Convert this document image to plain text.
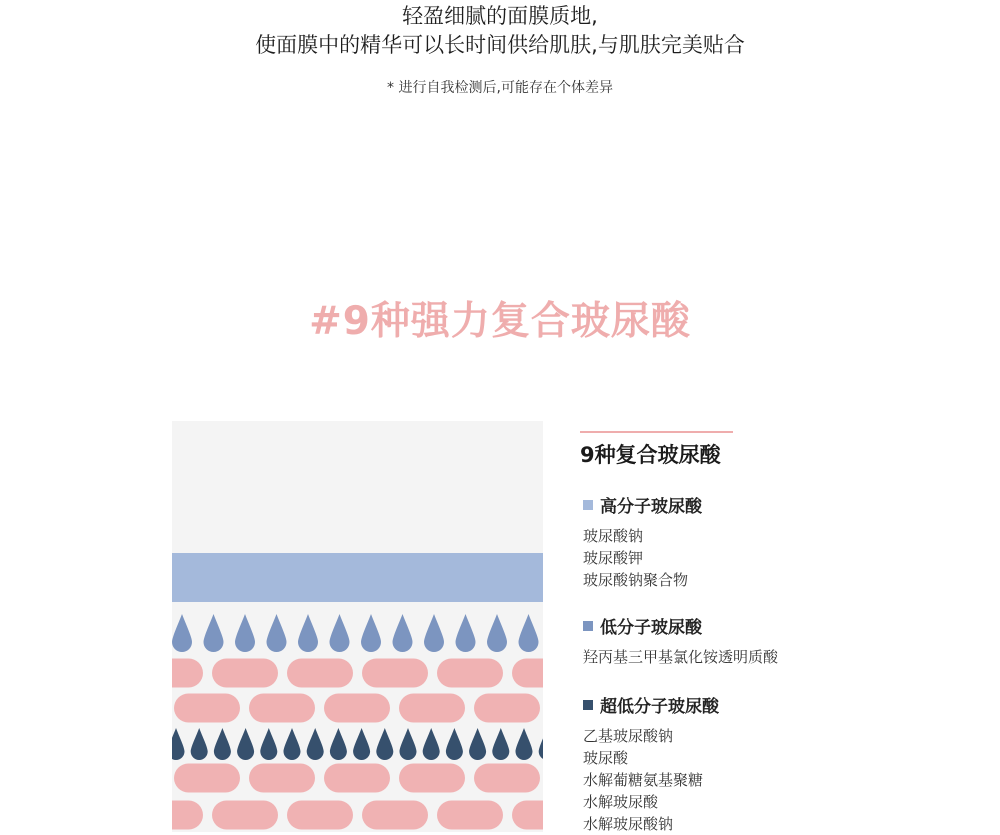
轻盈细腻的面膜质地,
使面膜中的精华可以长时间供给肌肤,与肌肤完美贴合
* 进行自我检测后,可能存在个体差异
#9种强力复合玻尿酸
9种复合玻尿酸
高分子玻尿酸
玻尿酸钠
玻尿酸钾
玻尿酸钠聚合物
低分子玻尿酸
羟丙基三甲基氯化铵透明质酸
超低分子玻尿酸
乙基玻尿酸钠
玻尿酸
水解葡糖氨基聚糖
水解玻尿酸
水解玻尿酸钠
